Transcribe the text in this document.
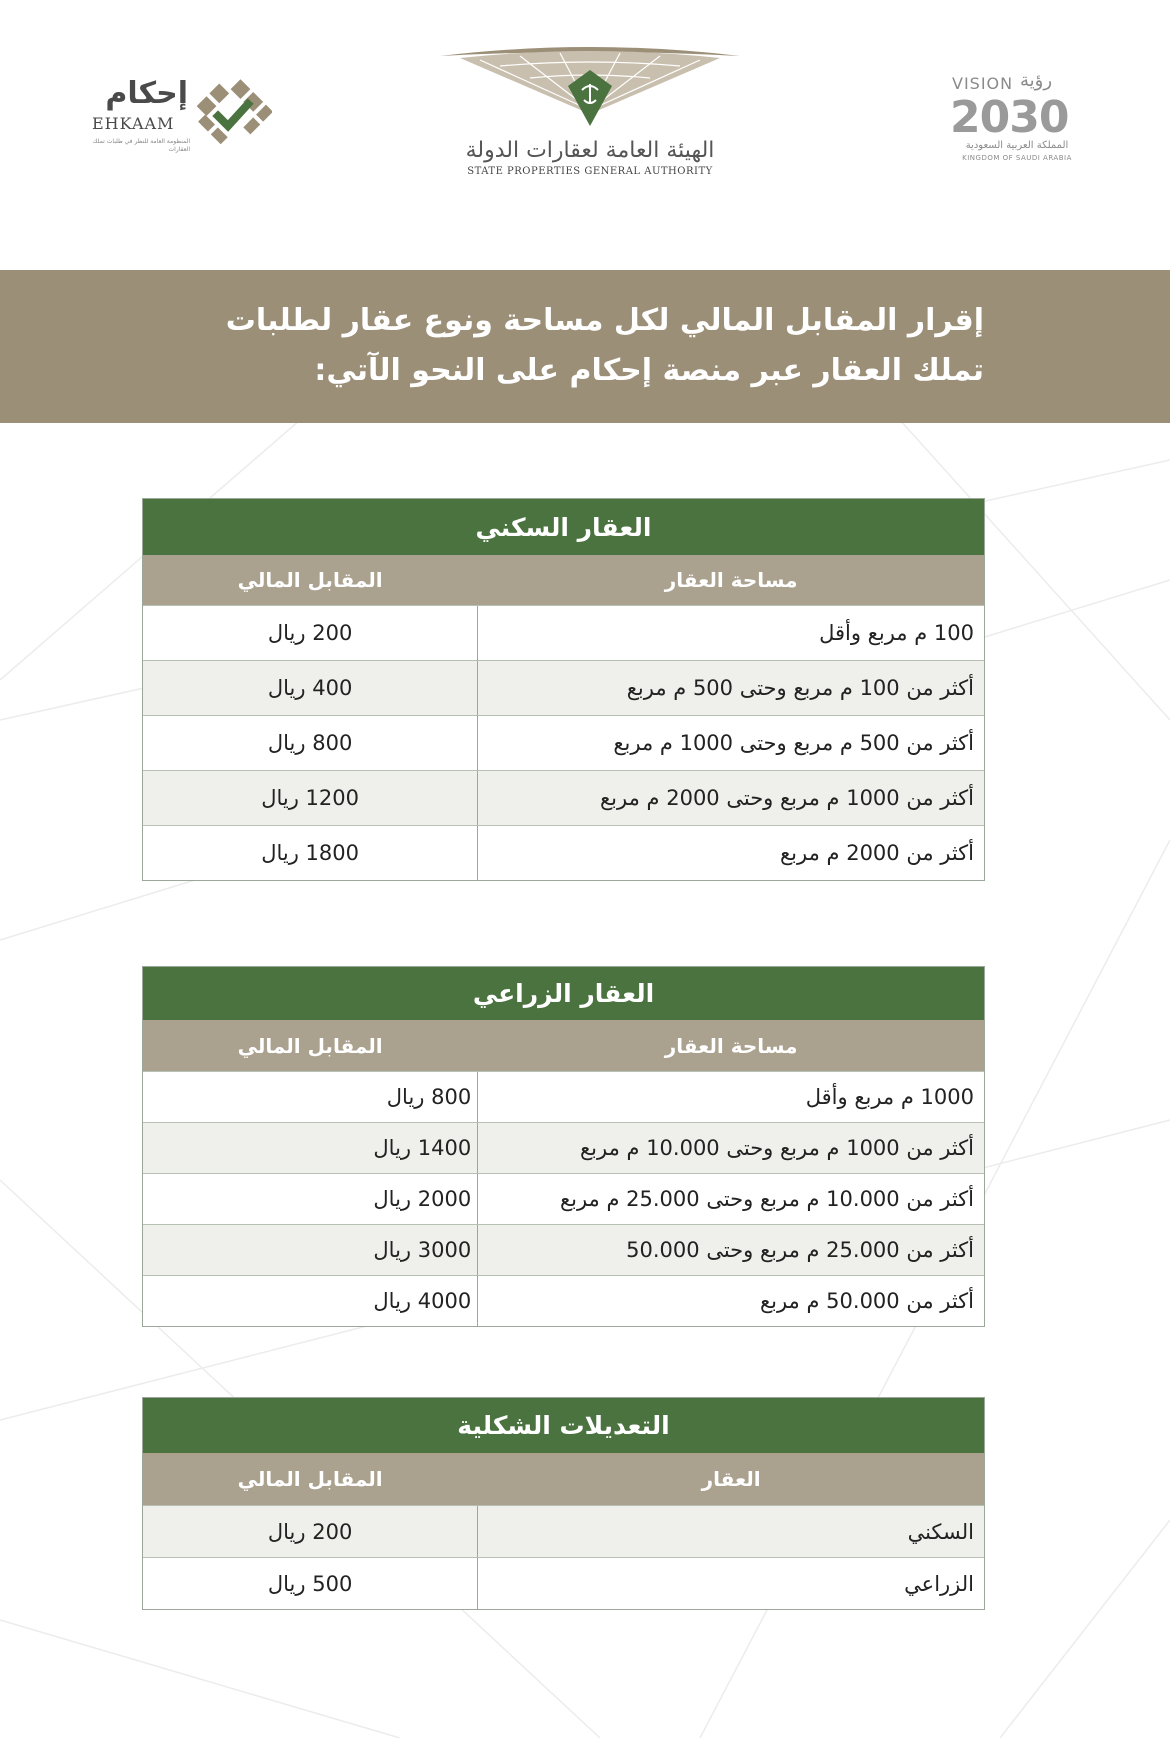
إحكام
EHKAAM
المنظومة العامة للنظر في طلبات تملك العقارات	الهيئة العامة لعقارات الدولة
STATE PROPERTIES GENERAL AUTHORITY
VISION رؤية
2030
المملكة العربية السعودية
KINGDOM OF SAUDI ARABIA
إقرار المقابل المالي لكل مساحة ونوع عقار لطلبات
تملك العقار عبر منصة إحكام على النحو الآتي:
العقار السكني
مساحة العقار
المقابل المالي
100 م مربع وأقل
200 ريال
أكثر من 100 م مربع وحتى 500 م مربع
400 ريال
أكثر من 500 م مربع وحتى 1000 م مربع
800 ريال
أكثر من 1000 م مربع وحتى 2000 م مربع
1200 ريال
أكثر من 2000 م مربع
1800 ريال
العقار الزراعي
مساحة العقار
المقابل المالي
1000 م مربع وأقل
800 ريال
أكثر من 1000 م مربع وحتى 10.000 م مربع
1400 ريال
أكثر من 10.000 م مربع وحتى 25.000 م مربع
2000 ريال
أكثر من 25.000 م مربع وحتى 50.000
3000 ريال
أكثر من 50.000 م مربع
4000 ريال
التعديلات الشكلية
العقار
المقابل المالي
السكني
200 ريال
الزراعي
500 ريال
